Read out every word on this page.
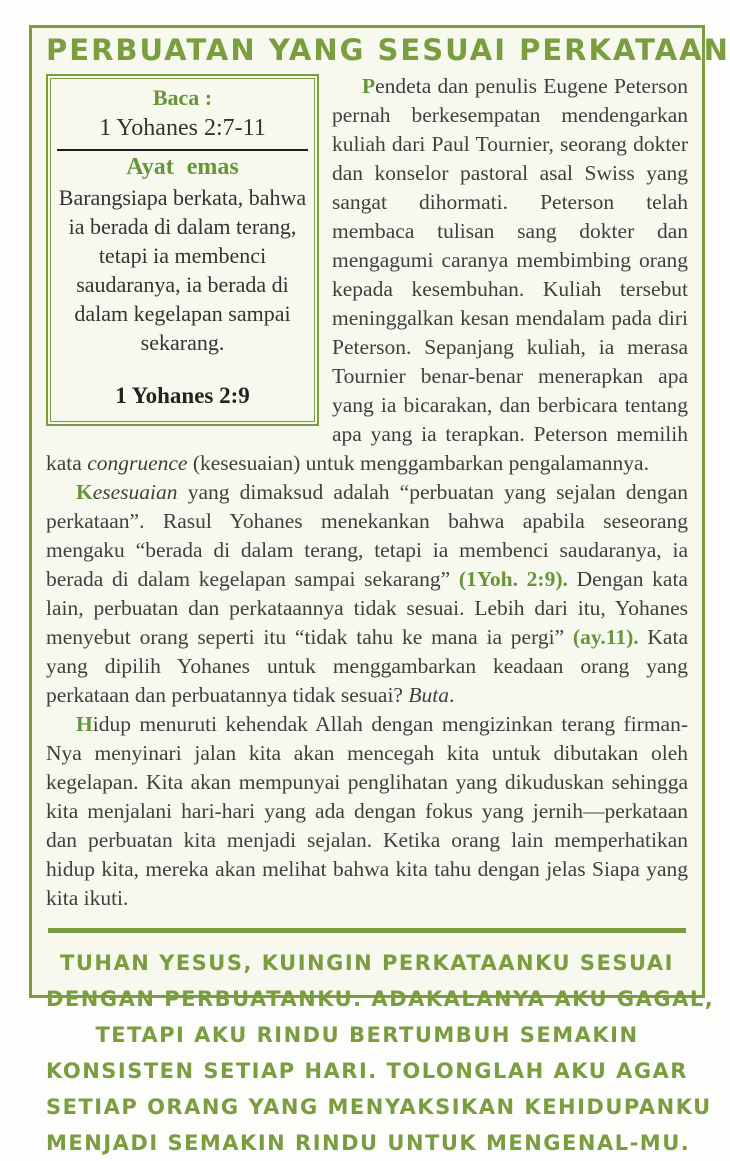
PERBUATAN YANG SESUAI PERKATAAN
Baca :
1 Yohanes 2:7-11
Ayat emas
Barangsiapa berkata, bahwa ia berada di dalam terang, tetapi ia membenci saudaranya, ia berada di dalam kegelapan sampai sekarang.
1 Yohanes 2:9

Pendeta dan penulis Eugene Peterson pernah berkesempatan mendengarkan kuliah dari Paul Tournier, seorang dokter dan konselor pastoral asal Swiss yang sangat dihormati. Peterson telah membaca tulisan sang dokter dan mengagumi caranya membimbing orang kepada kesembuhan. Kuliah tersebut meninggalkan kesan mendalam pada diri Peterson. Sepanjang kuliah, ia merasa Tournier benar-benar menerapkan apa yang ia bicarakan, dan berbicara tentang apa yang ia terapkan. Peterson memilih kata congruence (kesesuaian) untuk menggambarkan pengalamannya.

Kesesuaian yang dimaksud adalah “perbuatan yang sejalan dengan perkataan”. Rasul Yohanes menekankan bahwa apabila seseorang mengaku “berada di dalam terang, tetapi ia membenci saudaranya, ia berada di dalam kegelapan sampai sekarang” (1Yoh. 2:9). Dengan kata lain, perbuatan dan perkataannya tidak sesuai. Lebih dari itu, Yohanes menyebut orang seperti itu “tidak tahu ke mana ia pergi” (ay.11). Kata yang dipilih Yohanes untuk menggambarkan keadaan orang yang perkataan dan perbuatannya tidak sesuai? Buta.

Hidup menuruti kehendak Allah dengan mengizinkan terang firman-Nya menyinari jalan kita akan mencegah kita untuk dibutakan oleh kegelapan. Kita akan mempunyai penglihatan yang dikuduskan sehingga kita menjalani hari-hari yang ada dengan fokus yang jernih—perkataan dan perbuatan kita menjadi sejalan. Ketika orang lain memperhatikan hidup kita, mereka akan melihat bahwa kita tahu dengan jelas Siapa yang kita ikuti.

TUHAN YESUS, KUINGIN PERKATAANKU SESUAI
DENGAN PERBUATANKU. ADAKALANYA AKU GAGAL,
TETAPI AKU RINDU BERTUMBUH SEMAKIN
KONSISTEN SETIAP HARI. TOLONGLAH AKU AGAR
SETIAP ORANG YANG MENYAKSIKAN KEHIDUPANKU
MENJADI SEMAKIN RINDU UNTUK MENGENAL-MU.
